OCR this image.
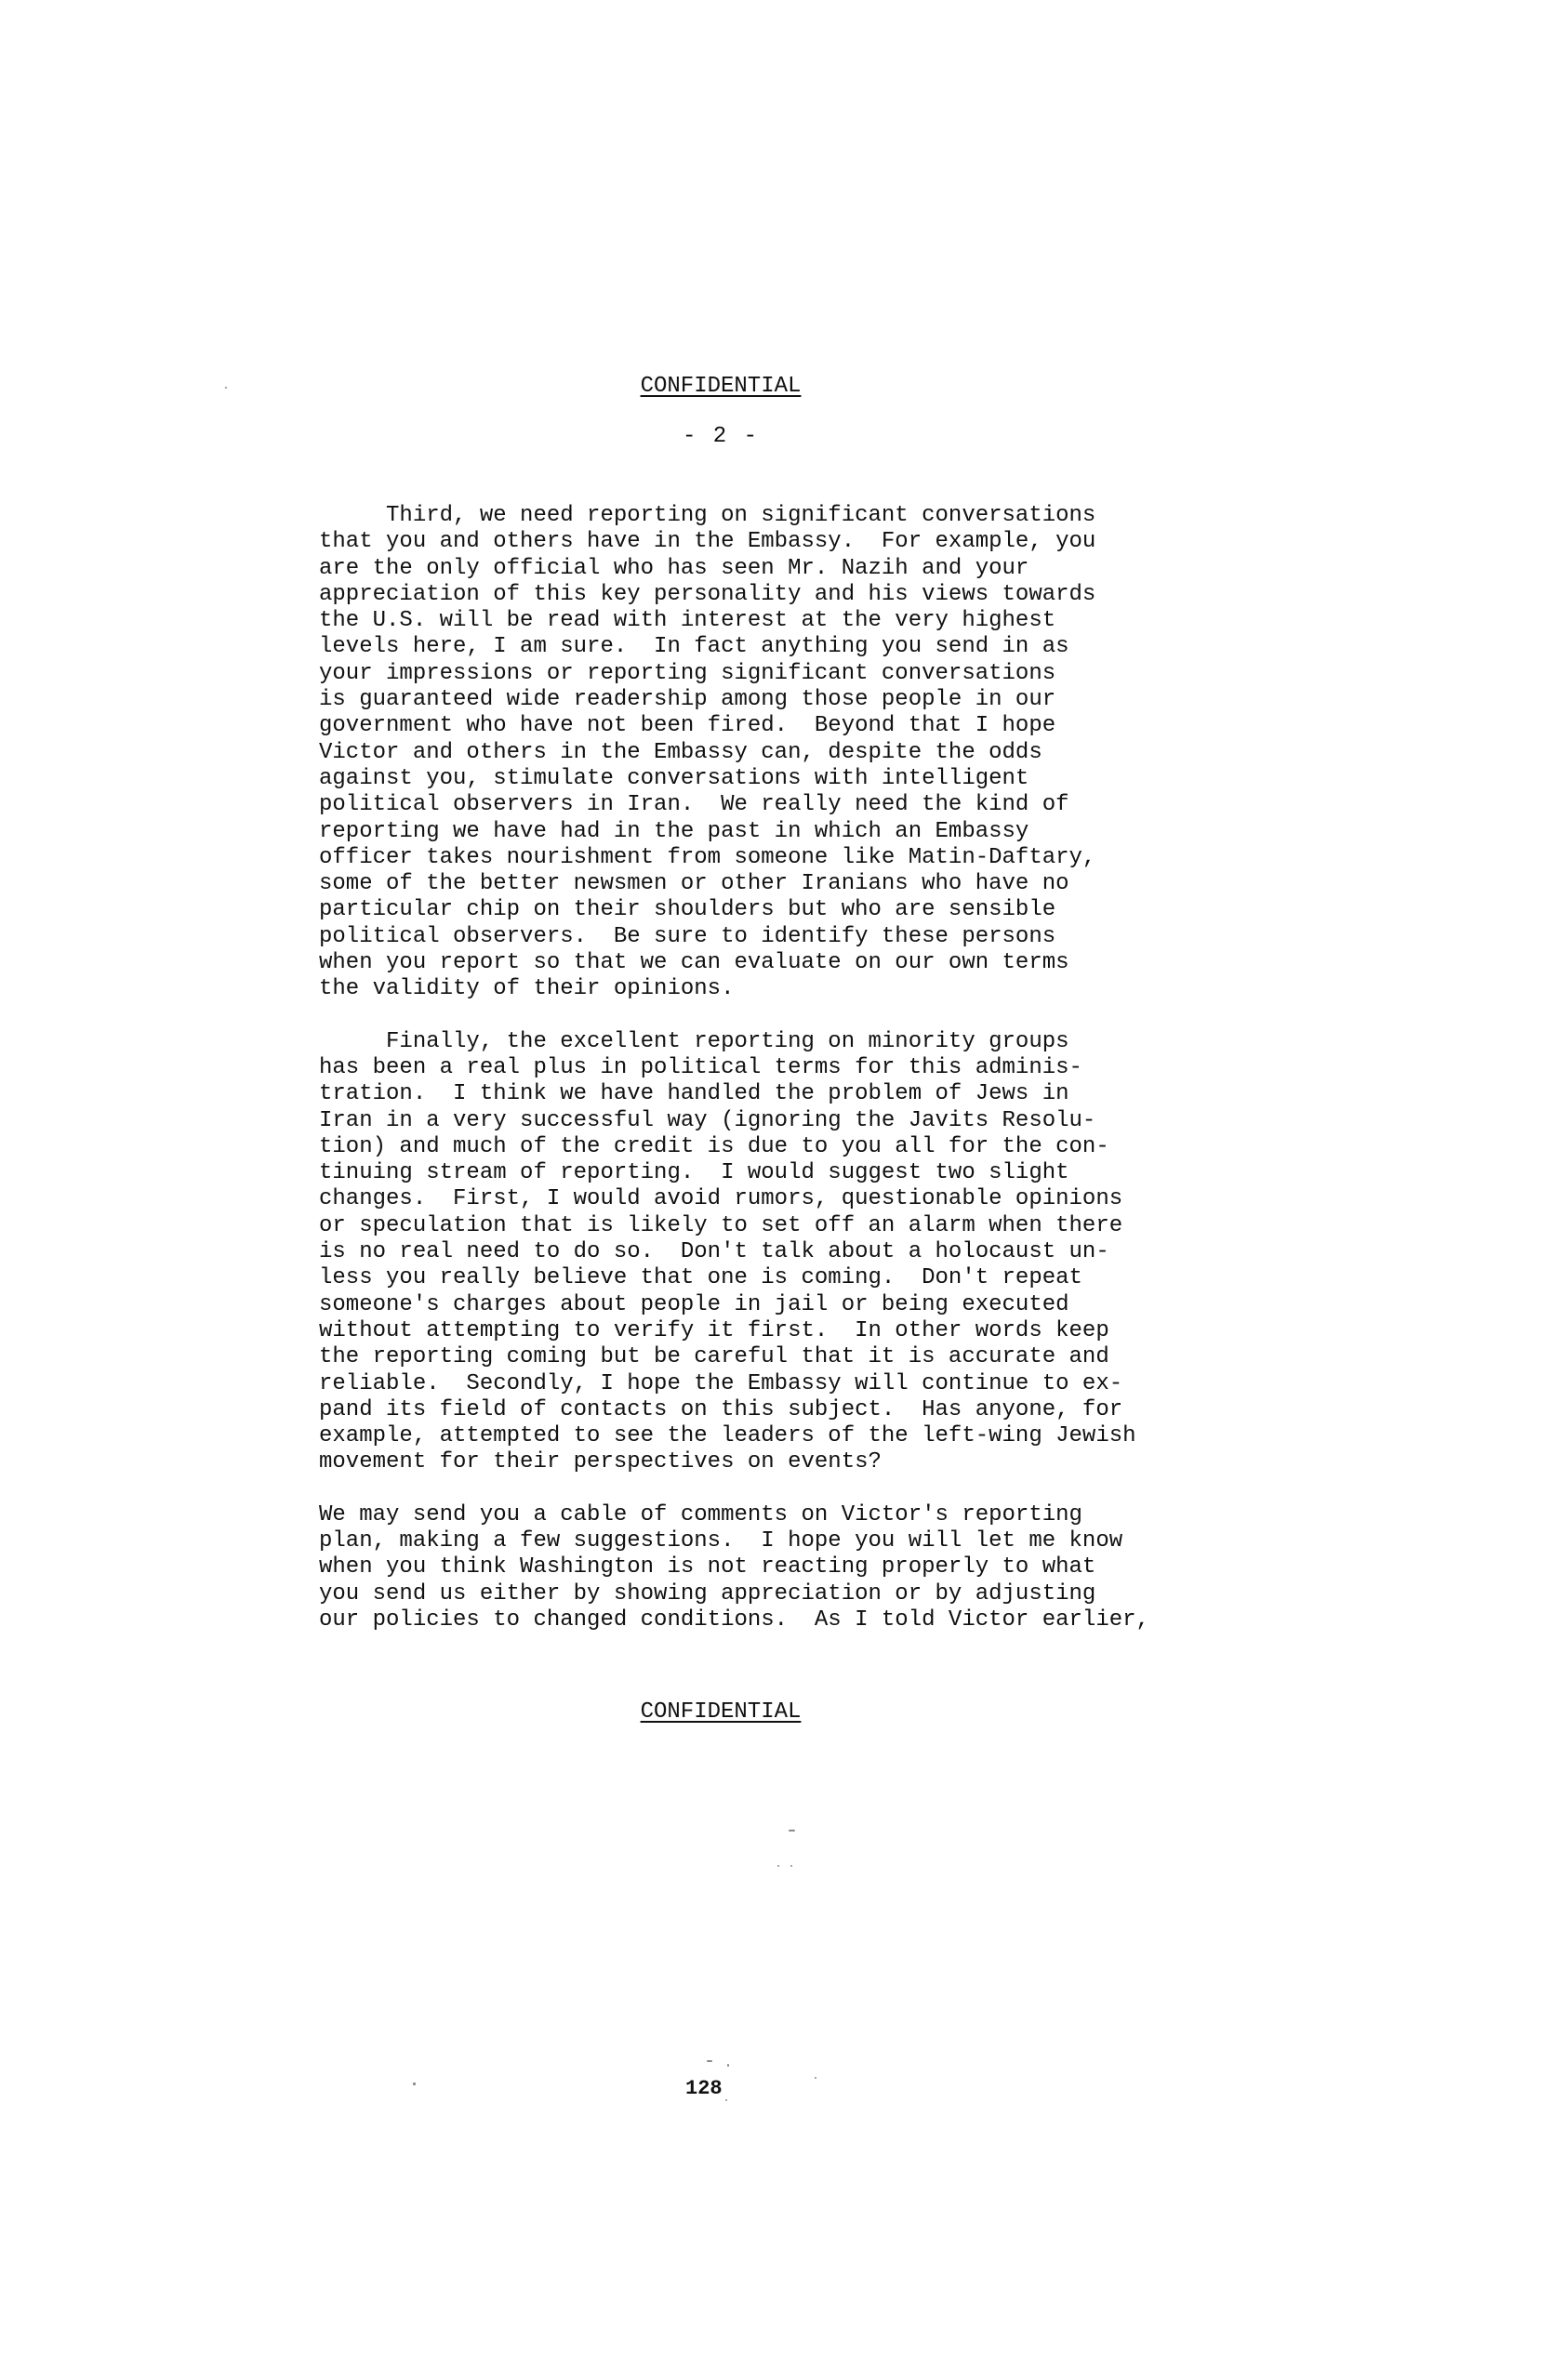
CONFIDENTIAL
- 2 -
Third, we need reporting on significant conversations
that you and others have in the Embassy.  For example, you
are the only official who has seen Mr. Nazih and your
appreciation of this key personality and his views towards
the U.S. will be read with interest at the very highest
levels here, I am sure.  In fact anything you send in as
your impressions or reporting significant conversations
is guaranteed wide readership among those people in our
government who have not been fired.  Beyond that I hope
Victor and others in the Embassy can, despite the odds
against you, stimulate conversations with intelligent
political observers in Iran.  We really need the kind of
reporting we have had in the past in which an Embassy
officer takes nourishment from someone like Matin-Daftary,
some of the better newsmen or other Iranians who have no
particular chip on their shoulders but who are sensible
political observers.  Be sure to identify these persons
when you report so that we can evaluate on our own terms
the validity of their opinions.
Finally, the excellent reporting on minority groups
has been a real plus in political terms for this adminis-
tration.  I think we have handled the problem of Jews in
Iran in a very successful way (ignoring the Javits Resolu-
tion) and much of the credit is due to you all for the con-
tinuing stream of reporting.  I would suggest two slight
changes.  First, I would avoid rumors, questionable opinions
or speculation that is likely to set off an alarm when there
is no real need to do so.  Don't talk about a holocaust un-
less you really believe that one is coming.  Don't repeat
someone's charges about people in jail or being executed
without attempting to verify it first.  In other words keep
the reporting coming but be careful that it is accurate and
reliable.  Secondly, I hope the Embassy will continue to ex-
pand its field of contacts on this subject.  Has anyone, for
example, attempted to see the leaders of the left-wing Jewish
movement for their perspectives on events?
We may send you a cable of comments on Victor's reporting
plan, making a few suggestions.  I hope you will let me know
when you think Washington is not reacting properly to what
you send us either by showing appreciation or by adjusting
our policies to changed conditions.  As I told Victor earlier,
CONFIDENTIAL
128
